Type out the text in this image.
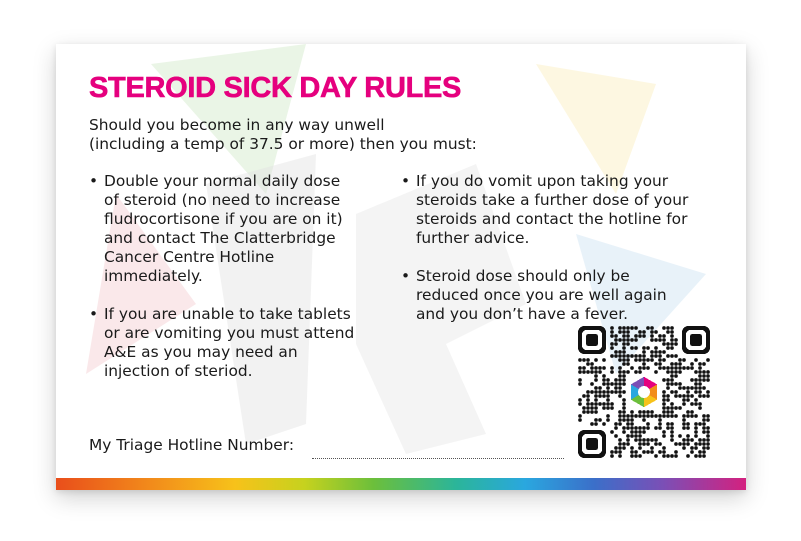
STEROID SICK DAY RULES

Should you become in any way unwell
(including a temp of 37.5 or more) then you must:

• Double your normal daily dose
of steroid (no need to increase
fludrocortisone if you are on it)
and contact The Clatterbridge
Cancer Centre Hotline
immediately.
• If you are unable to take tablets
or are vomiting you must attend
A&E as you may need an
injection of steriod.
• If you do vomit upon taking your
steroids take a further dose of your
steroids and contact the hotline for
further advice.
• Steroid dose should only be
reduced once you are well again
and you don’t have a fever.
My Triage Hotline Number:
